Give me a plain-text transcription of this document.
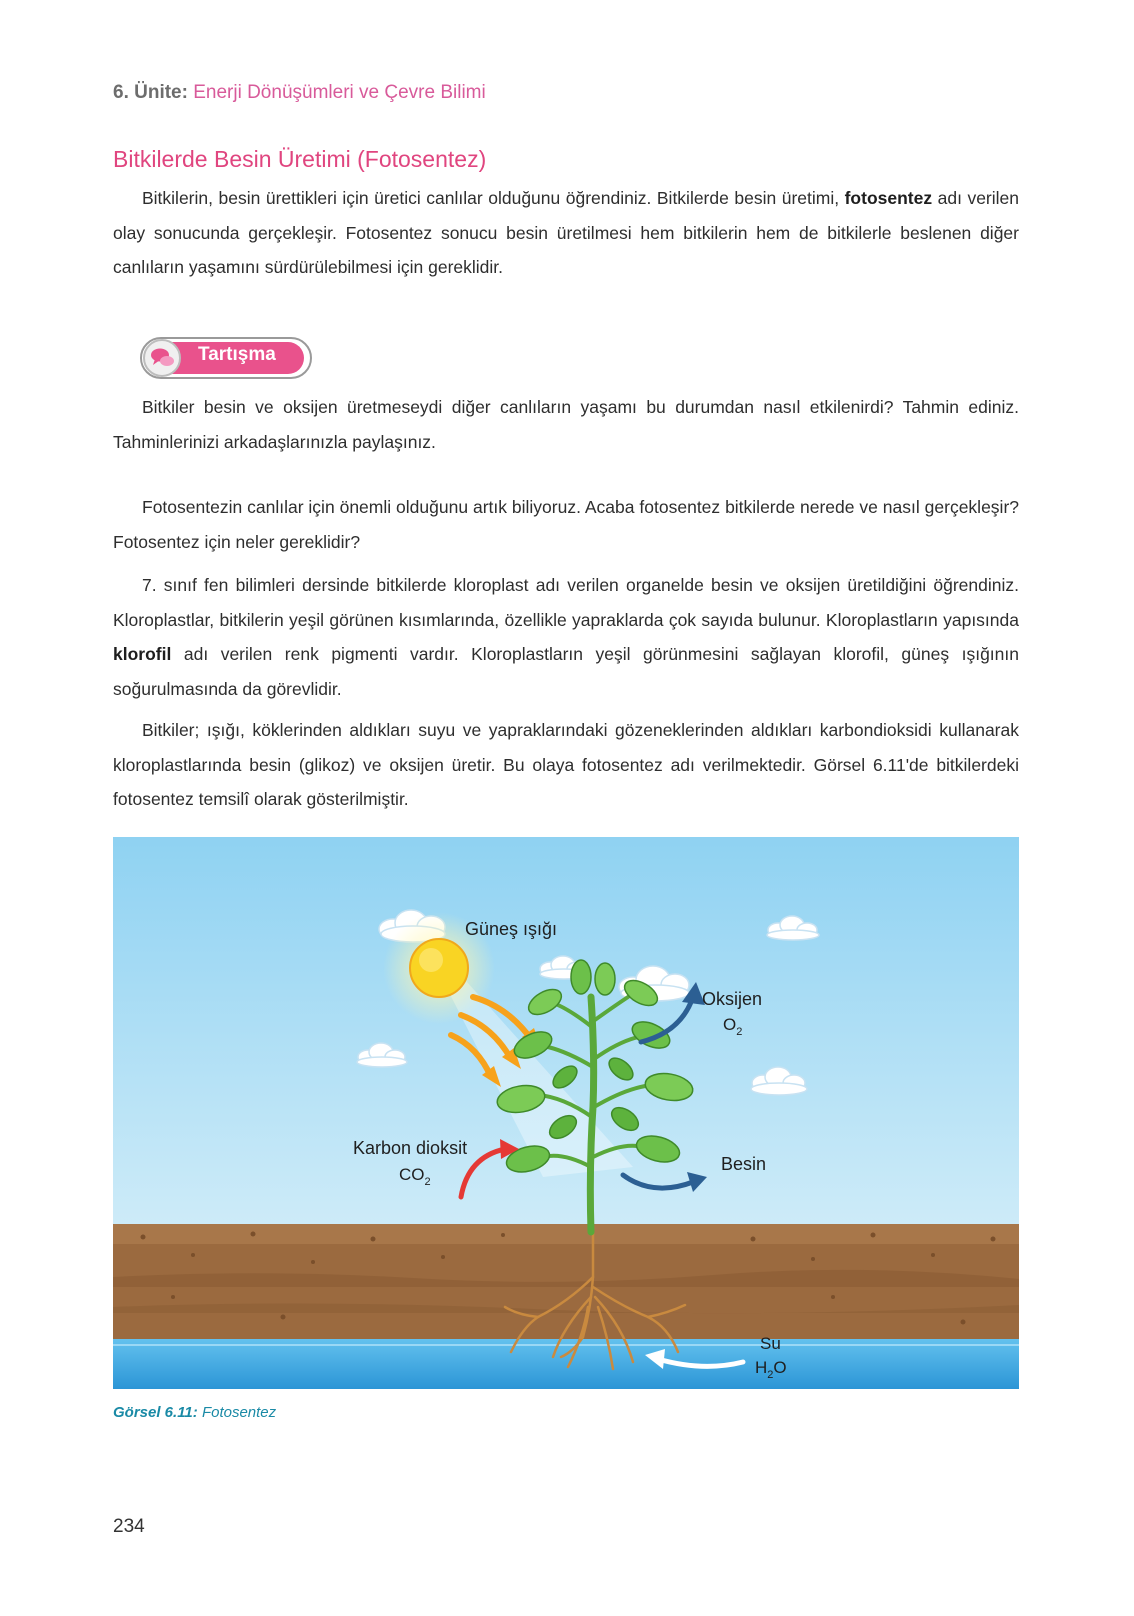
6. Ünite: Enerji Dönüşümleri ve Çevre Bilimi
Bitkilerde Besin Üretimi (Fotosentez)

Bitkilerin, besin ürettikleri için üretici canlılar olduğunu öğrendiniz. Bitkilerde besin üretimi, fotosentez adı verilen olay sonucunda gerçekleşir. Fotosentez sonucu besin üretilmesi hem bitkilerin hem de bitkilerle beslenen diğer canlıların yaşamını sürdürülebilmesi için gereklidir.

Tartışma

Bitkiler besin ve oksijen üretmeseydi diğer canlıların yaşamı bu durumdan nasıl etkilenirdi? Tahmin ediniz. Tahminlerinizi arkadaşlarınızla paylaşınız.

Fotosentezin canlılar için önemli olduğunu artık biliyoruz. Acaba fotosentez bitkilerde nerede ve nasıl gerçekleşir? Fotosentez için neler gereklidir?

7. sınıf fen bilimleri dersinde bitkilerde kloroplast adı verilen organelde besin ve oksijen üretildiğini öğrendiniz. Kloroplastlar, bitkilerin yeşil görünen kısımlarında, özellikle yapraklarda çok sayıda bulunur. Kloroplastların yapısında klorofil adı verilen renk pigmenti vardır. Kloroplastların yeşil görünmesini sağlayan klorofil, güneş ışığının soğurulmasında da görevlidir.

Bitkiler; ışığı, köklerinden aldıkları suyu ve yapraklarındaki gözeneklerinden aldıkları karbondioksidi kullanarak kloroplastlarında besin (glikoz) ve oksijen üretir. Bu olaya fotosentez adı verilmektedir. Görsel 6.11'de bitkilerdeki fotosentez temsilî olarak gösterilmiştir.

Güneş ışığı
Oksijen
$O_2$
Karbon dioksit
$CO_2$
Besin
Su
$H_2O$
Görsel 6.11: Fotosentez
234
